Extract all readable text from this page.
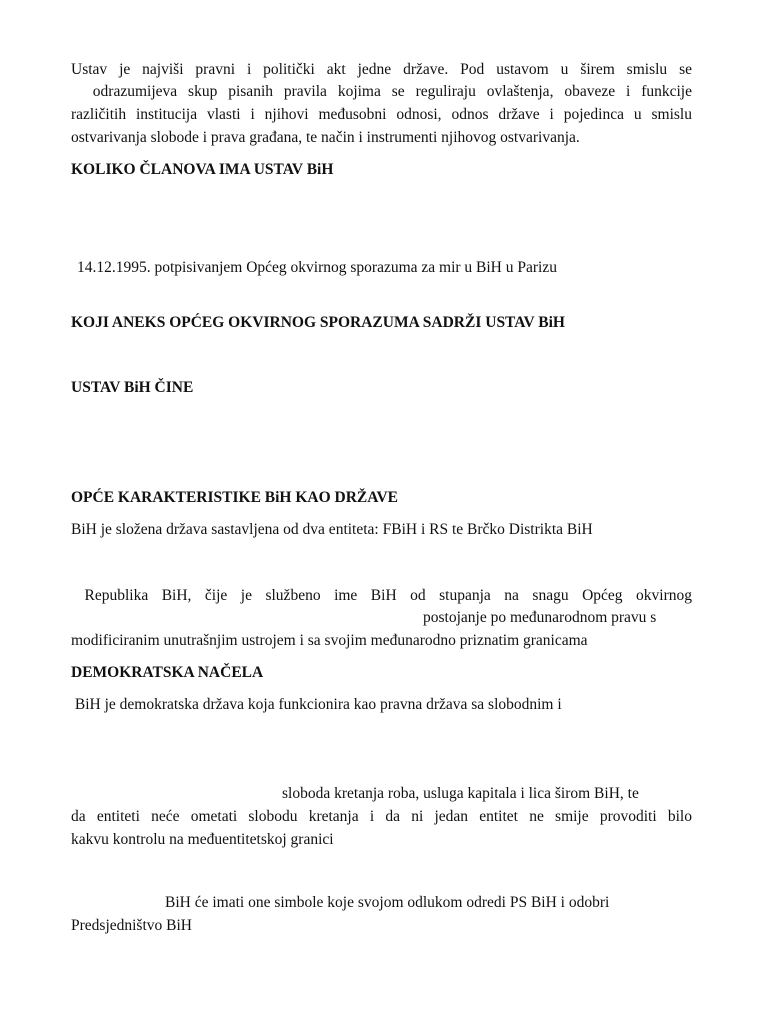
Ustav je najviši pravni i politički akt jedne države. Pod ustavom u širem smislu se
odrazumijeva skup pisanih pravila kojima se reguliraju ovlaštenja, obaveze i funkcije
različitih institucija vlasti i njihovi međusobni odnosi, odnos države i pojedinca u smislu
ostvarivanja slobode i prava građana, te način i instrumenti njihovog ostvarivanja.
KOLIKO ČLANOVA IMA USTAV BiH
14.12.1995. potpisivanjem Općeg okvirnog sporazuma za mir u BiH u Parizu
KOJI ANEKS OPĆEG OKVIRNOG SPORAZUMA SADRŽI USTAV BiH
USTAV BiH ČINE
OPĆE KARAKTERISTIKE BiH KAO DRŽAVE
BiH je složena država sastavljena od dva entiteta: FBiH i RS te Brčko Distrikta BiH
Republika BiH, čije je službeno ime BiH od stupanja na snagu Općeg okvirnog
postojanje po međunarodnom pravu s
modificiranim unutrašnjim ustrojem i sa svojim međunarodno priznatim granicama
DEMOKRATSKA NAČELA
BiH je demokratska država koja funkcionira kao pravna država sa slobodnim i
sloboda kretanja roba, usluga kapitala i lica širom BiH, te
da entiteti neće ometati slobodu kretanja i da ni jedan entitet ne smije provoditi bilo
kakvu kontrolu na međuentitetskoj granici
BiH će imati one simbole koje svojom odlukom odredi PS BiH i odobri
Predsjedništvo BiH
